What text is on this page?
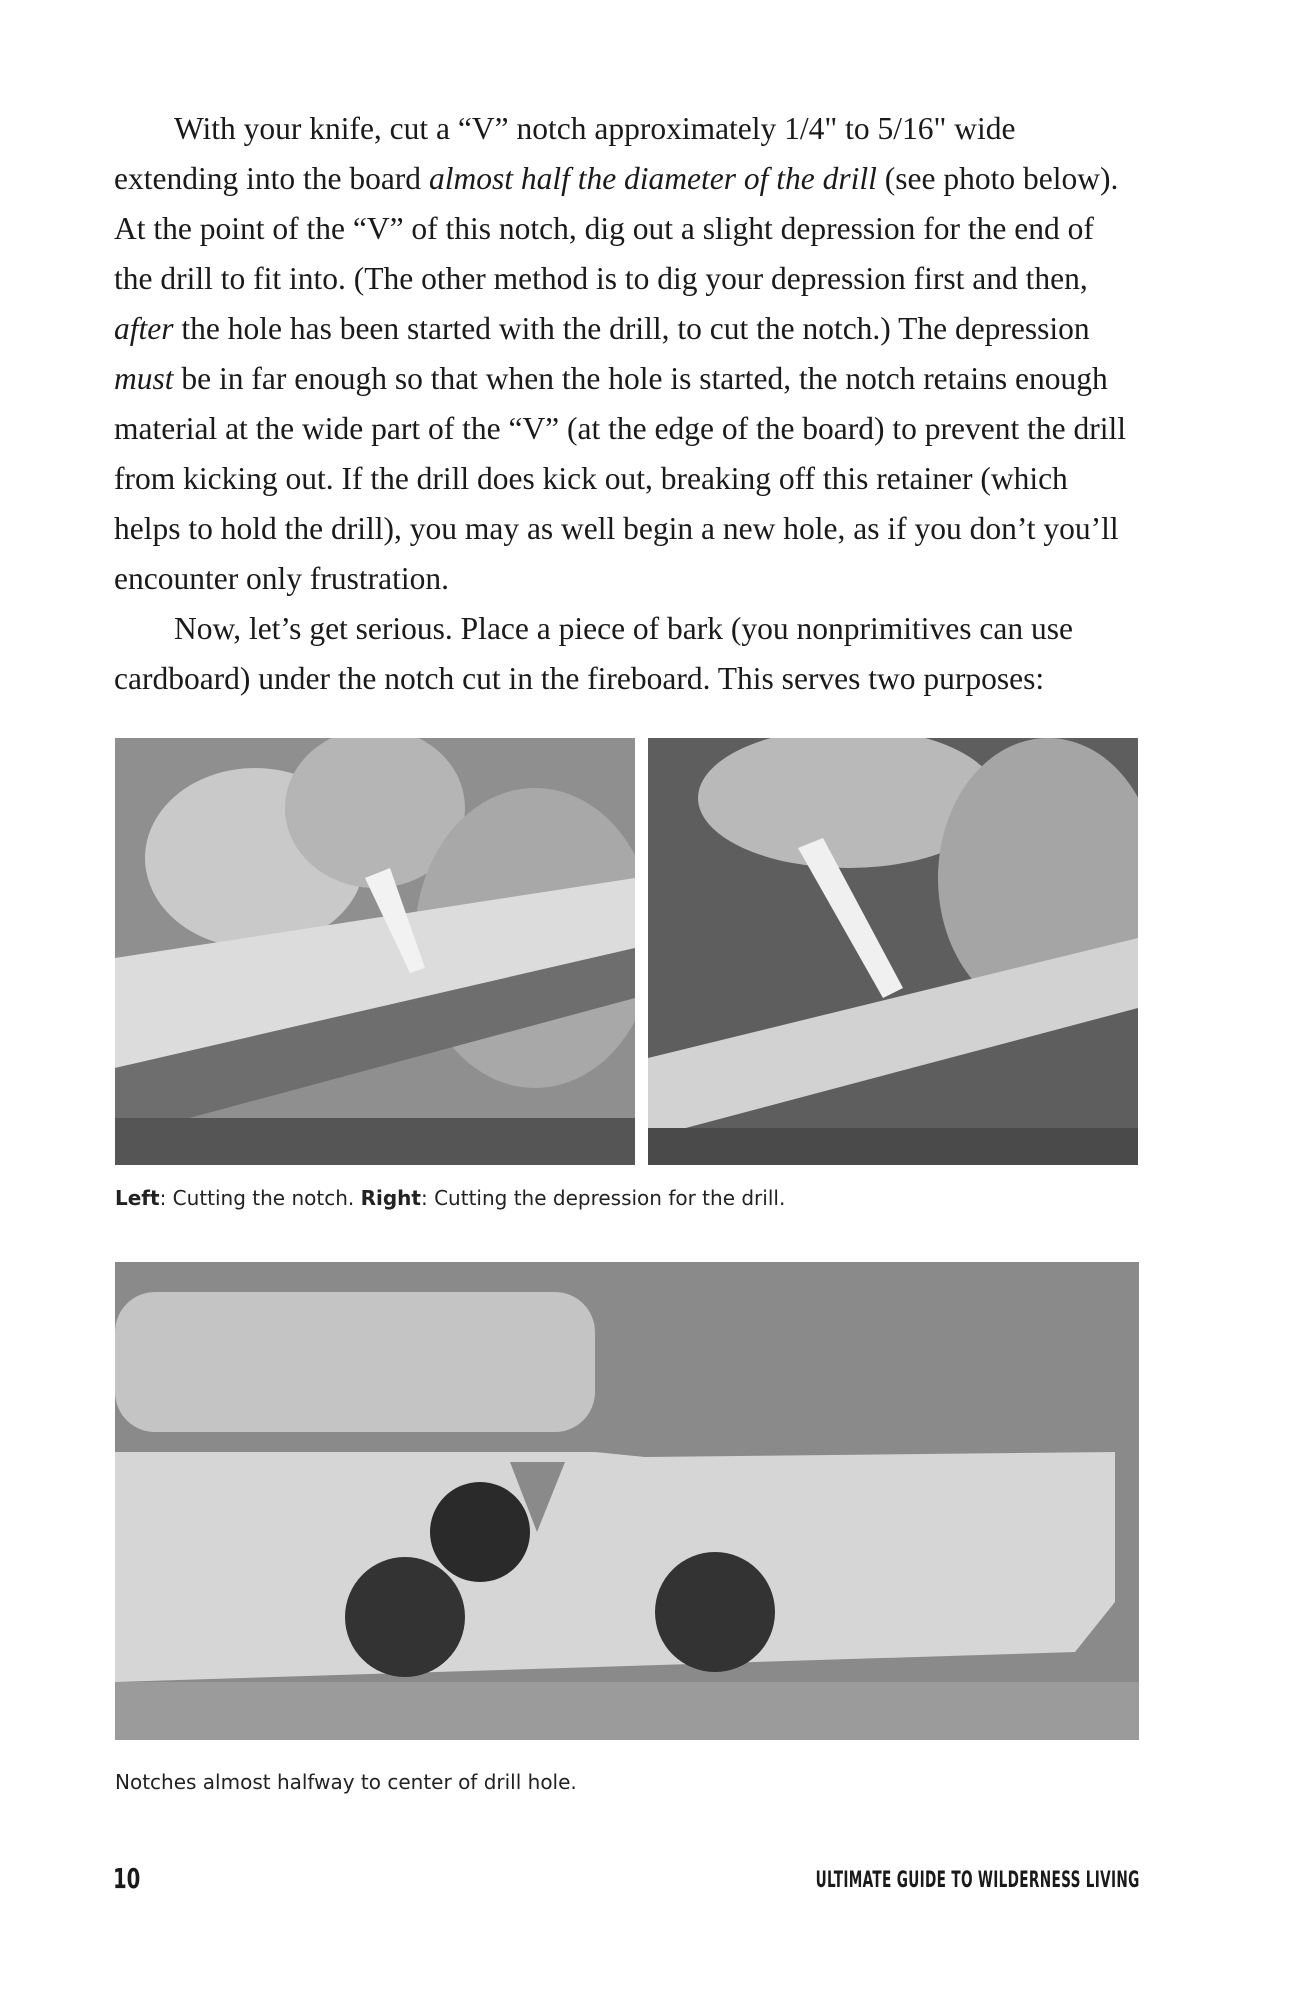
With your knife, cut a “V” notch approximately 1/4" to 5/16" wide extending into the board almost half the diameter of the drill (see photo below). At the point of the “V” of this notch, dig out a slight depression for the end of the drill to fit into. (The other method is to dig your depression first and then, after the hole has been started with the drill, to cut the notch.) The depression must be in far enough so that when the hole is started, the notch retains enough material at the wide part of the “V” (at the edge of the board) to prevent the drill from kicking out. If the drill does kick out, breaking off this retainer (which helps to hold the drill), you may as well begin a new hole, as if you don’t you’ll encounter only frustration.

Now, let’s get serious. Place a piece of bark (you nonprimitives can use cardboard) under the notch cut in the fireboard. This serves two purposes:

Left: Cutting the notch. Right: Cutting the depression for the drill.
Notches almost halfway to center of drill hole.
10	ULTIMATE GUIDE TO WILDERNESS LIVING
